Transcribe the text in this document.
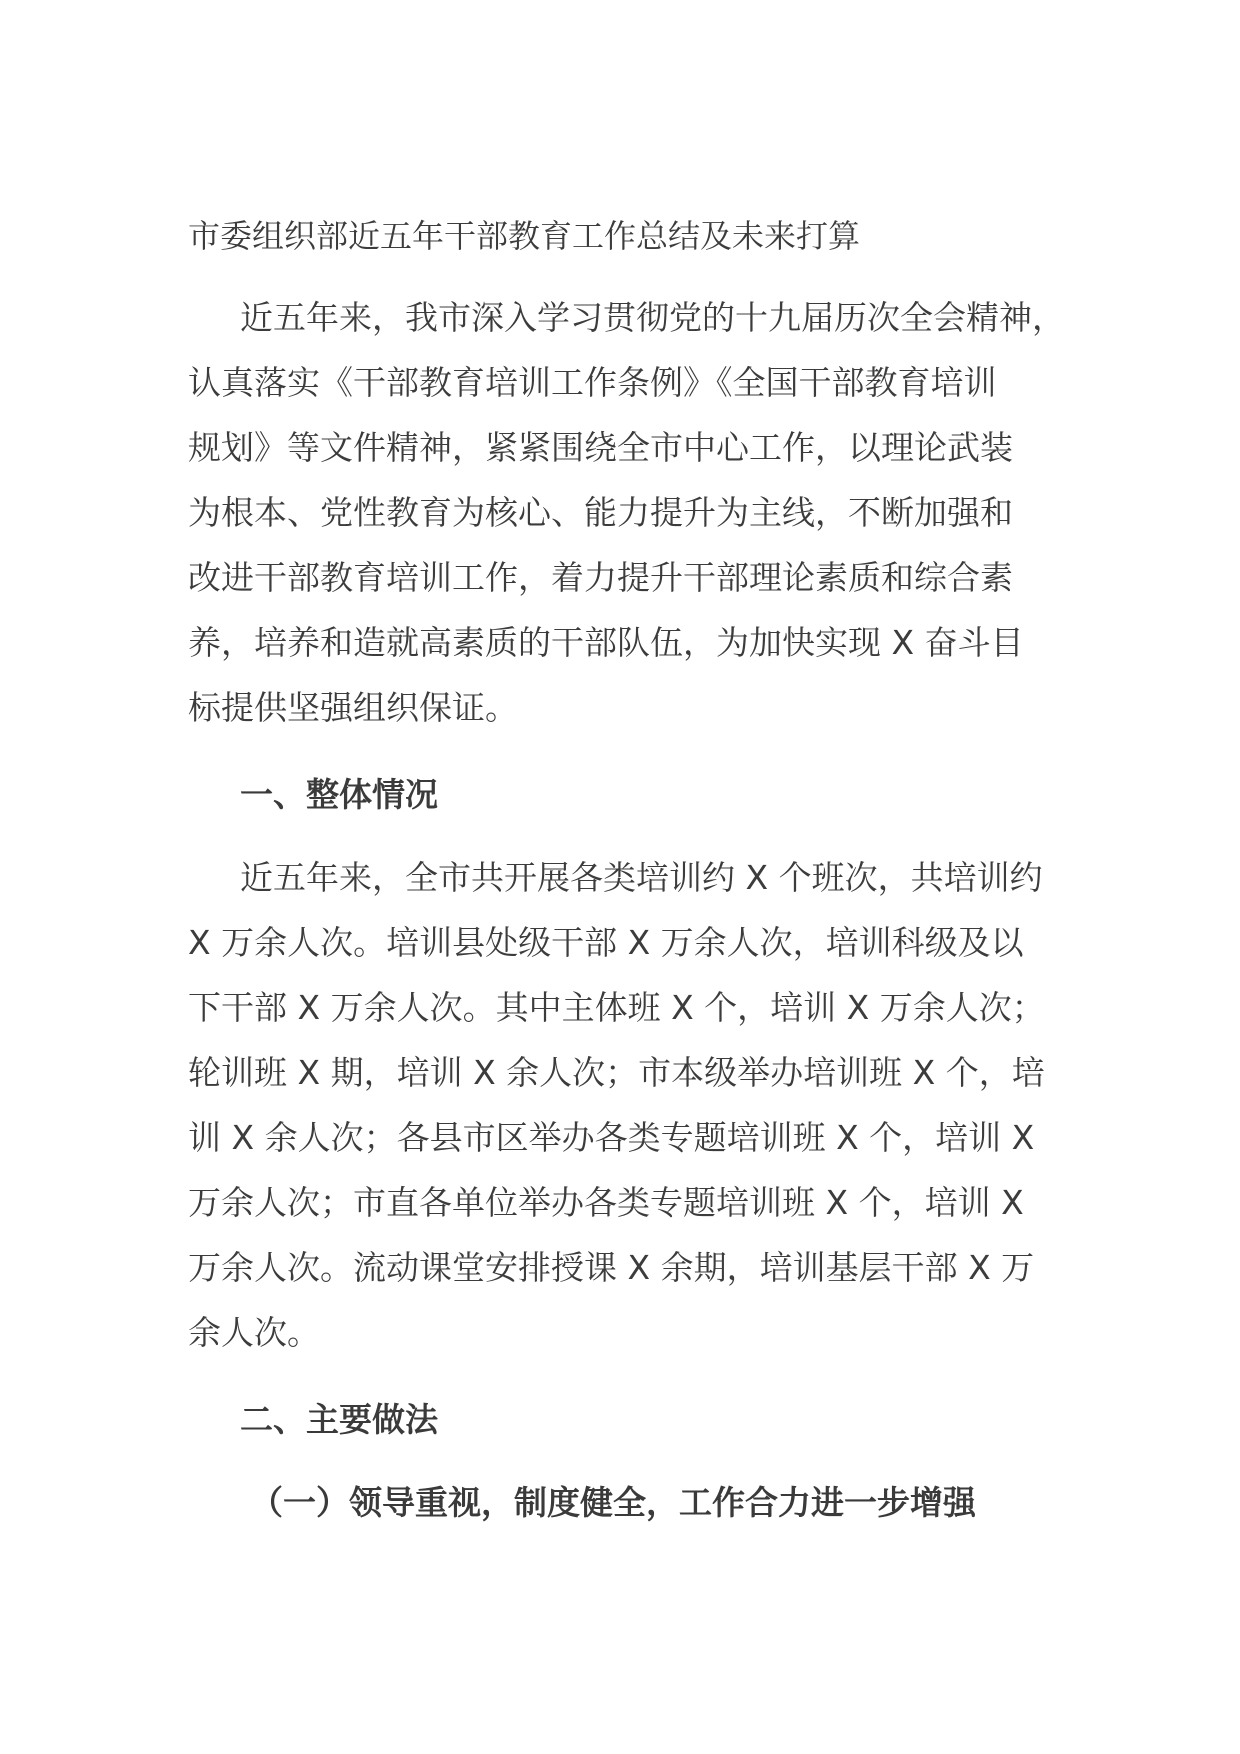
市委组织部近五年干部教育工作总结及未来打算
近五年来，我市深入学习贯彻党的十九届历次全会精神，
认真落实《干部教育培训工作条例》《全国干部教育培训
规划》等文件精神，紧紧围绕全市中心工作，以理论武装
为根本、党性教育为核心、能力提升为主线，不断加强和
改进干部教育培训工作，着力提升干部理论素质和综合素
养，培养和造就高素质的干部队伍，为加快实现 X 奋斗目
标提供坚强组织保证。
一、整体情况
近五年来，全市共开展各类培训约 X 个班次，共培训约
X 万余人次。培训县处级干部 X 万余人次，培训科级及以
下干部 X 万余人次。其中主体班 X 个，培训 X 万余人次；
轮训班 X 期，培训 X 余人次；市本级举办培训班 X 个，培
训 X 余人次；各县市区举办各类专题培训班 X 个，培训 X
万余人次；市直各单位举办各类专题培训班 X 个，培训 X
万余人次。流动课堂安排授课 X 余期，培训基层干部 X 万
余人次。
二、主要做法
（一）领导重视，制度健全，工作合力进一步增强
